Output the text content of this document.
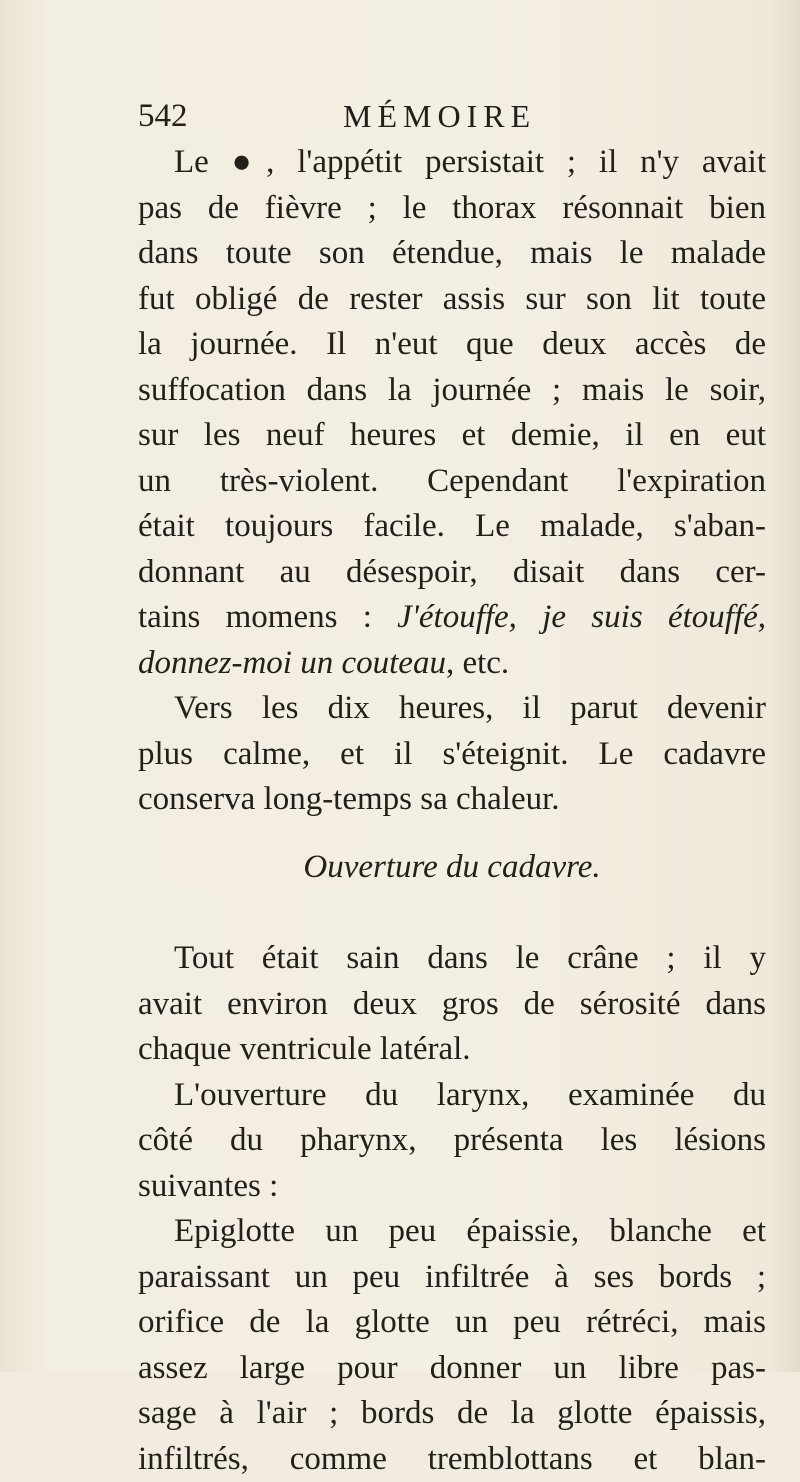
542	MÉMOIRE
Le ●, l'appétit persistait ; il n'y avait
pas de fièvre ; le thorax résonnait bien
dans toute son étendue, mais le malade
fut obligé de rester assis sur son lit toute
la journée. Il n'eut que deux accès de
suffocation dans la journée ; mais le soir,
sur les neuf heures et demie, il en eut
un très-violent. Cependant l'expiration
était toujours facile. Le malade, s'aban-
donnant au désespoir, disait dans cer-
tains momens : J'étouffe, je suis étouffé,
donnez-moi un couteau, etc.
Vers les dix heures, il parut devenir
plus calme, et il s'éteignit. Le cadavre
conserva long-temps sa chaleur.
Ouverture du cadavre.
Tout était sain dans le crâne ; il y
avait environ deux gros de sérosité dans
chaque ventricule latéral.
L'ouverture du larynx, examinée du
côté du pharynx, présenta les lésions
suivantes :
Epiglotte un peu épaissie, blanche et
paraissant un peu infiltrée à ses bords ;
orifice de la glotte un peu rétréci, mais
assez large pour donner un libre pas-
sage à l'air ; bords de la glotte épaissis,
infiltrés, comme tremblottans et blan-
